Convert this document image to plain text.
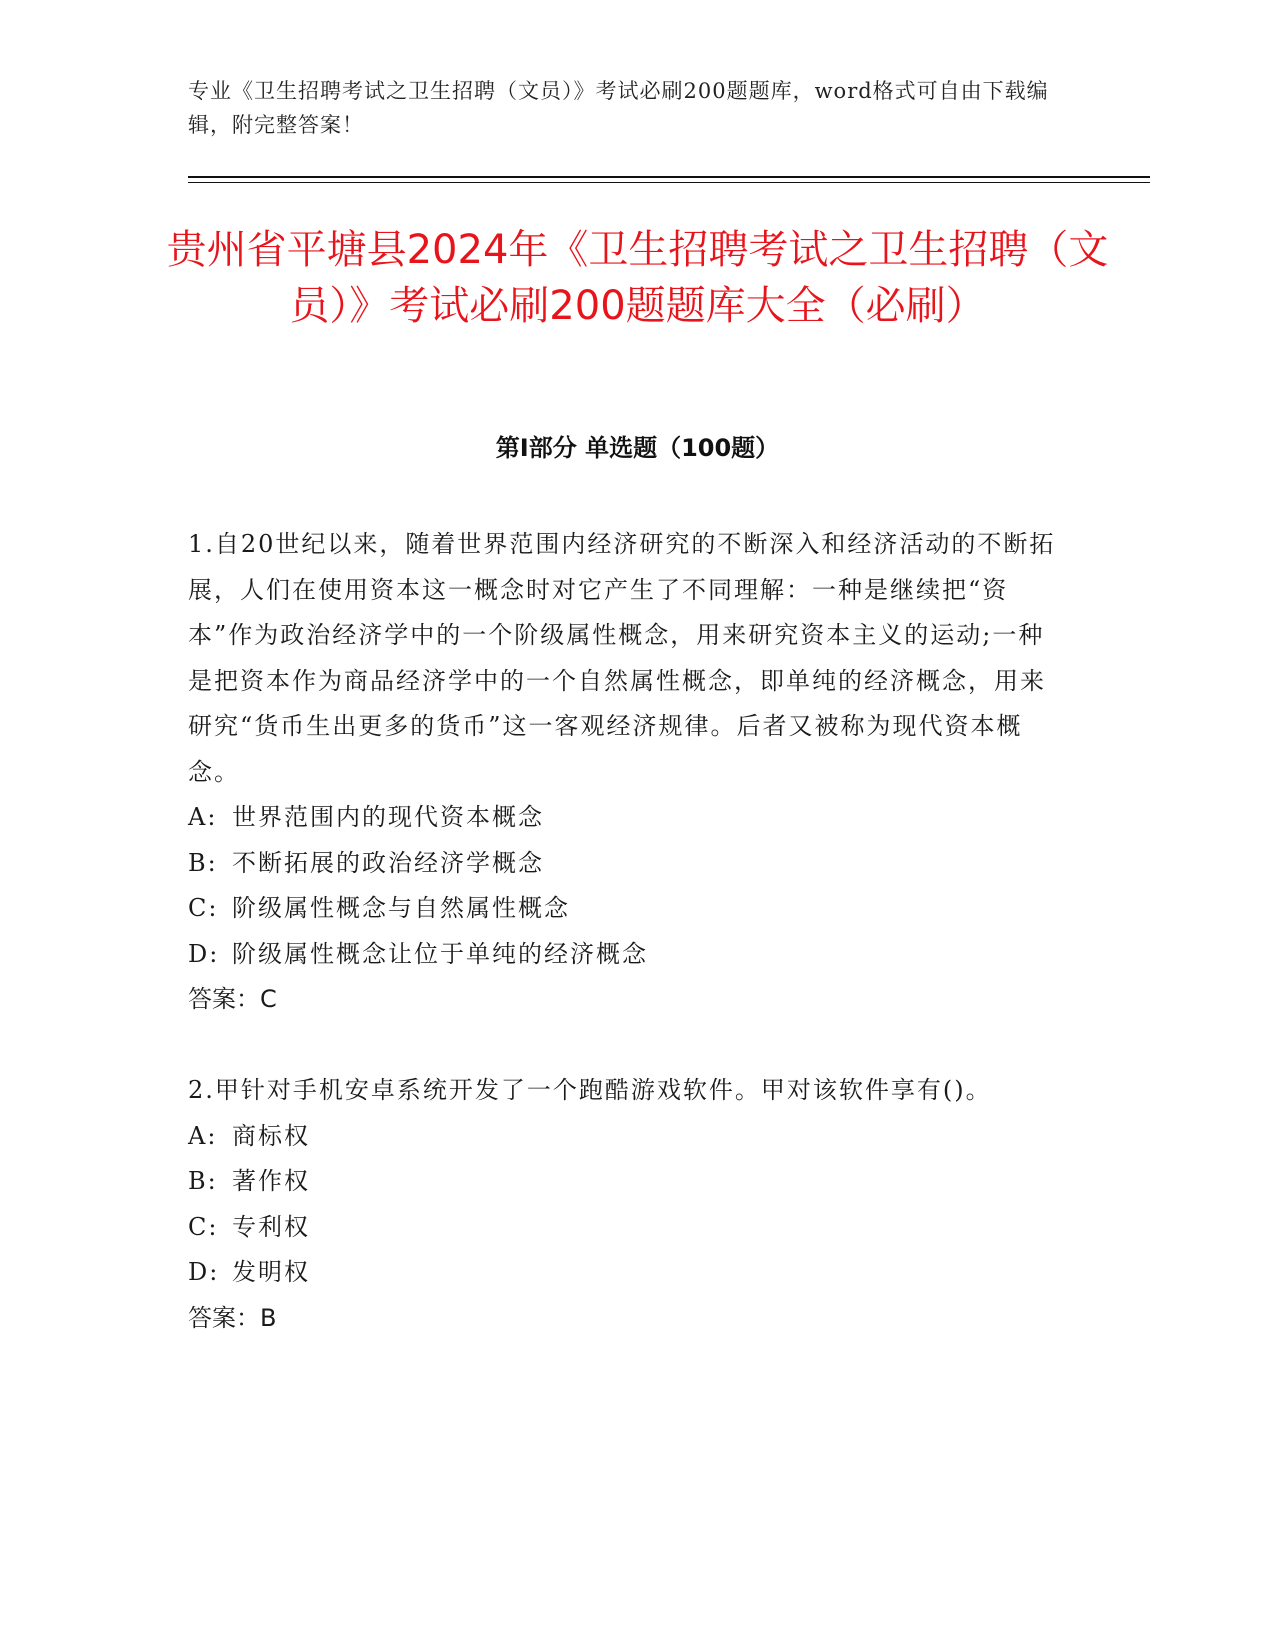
专业《卫生招聘考试之卫生招聘（文员）》考试必刷200题题库，word格式可自由下载编辑，附完整答案！
贵州省平塘县2024年《卫生招聘考试之卫生招聘（文员）》考试必刷200题题库大全（必刷）
第Ⅰ部分 单选题（100题）

1.自20世纪以来，随着世界范围内经济研究的不断深入和经济活动的不断拓展，人们在使用资本这一概念时对它产生了不同理解：一种是继续把“资本”作为政治经济学中的一个阶级属性概念，用来研究资本主义的运动;一种是把资本作为商品经济学中的一个自然属性概念，即单纯的经济概念，用来研究“货币生出更多的货币”这一客观经济规律。后者又被称为现代资本概念。

A: 世界范围内的现代资本概念
B: 不断拓展的政治经济学概念
C: 阶级属性概念与自然属性概念
D: 阶级属性概念让位于单纯的经济概念

答案：C

2.甲针对手机安卓系统开发了一个跑酷游戏软件。甲对该软件享有()。

A: 商标权
B: 著作权
C: 专利权
D: 发明权

答案：B
